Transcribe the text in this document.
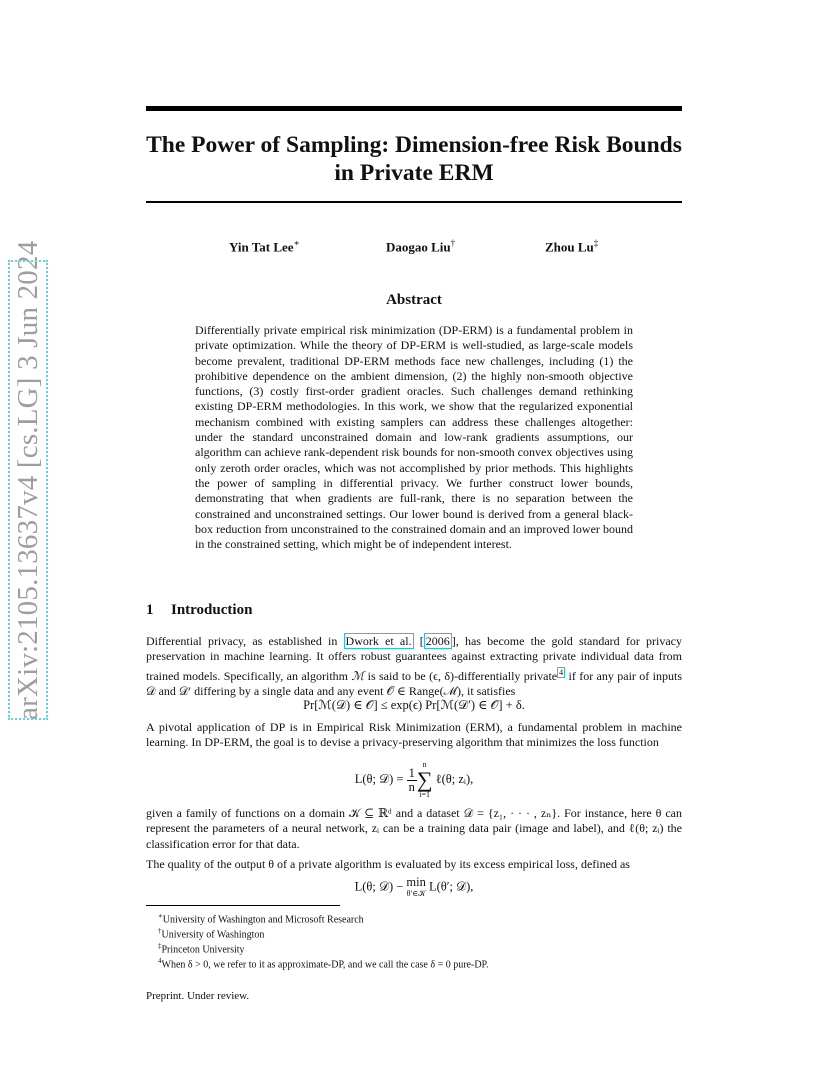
arXiv:2105.13637v4 [cs.LG] 3 Jun 2024
The Power of Sampling: Dimension-free Risk Bounds
in Private ERM
Yin Tat Lee∗	Daogao Liu†	Zhou Lu‡
Abstract
Differentially private empirical risk minimization (DP-ERM) is a fundamental problem in private optimization. While the theory of DP-ERM is well-studied, as large-scale models become prevalent, traditional DP-ERM methods face new challenges, including (1) the prohibitive dependence on the ambient dimension, (2) the highly non-smooth objective functions, (3) costly first-order gradient oracles. Such challenges demand rethinking existing DP-ERM methodologies. In this work, we show that the regularized exponential mechanism combined with existing samplers can address these challenges altogether: under the standard unconstrained domain and low-rank gradients assumptions, our algorithm can achieve rank-dependent risk bounds for non-smooth convex objectives using only zeroth order oracles, which was not accomplished by prior methods. This highlights the power of sampling in differential privacy. We further construct lower bounds, demonstrating that when gradients are full-rank, there is no separation between the constrained and unconstrained settings. Our lower bound is derived from a general black-box reduction from unconstrained to the constrained domain and an improved lower bound in the constrained setting, which might be of independent interest.
1 Introduction
Differential privacy, as established in Dwork et al. [ 2006 ], has become the gold standard for privacy preservation in machine learning. It offers robust guarantees against extracting private individual data from trained models. Specifically, an algorithm ℳ is said to be (ϵ, δ)-differentially private $^4$ if for any pair of inputs 𝒟 and 𝒟′ differing by a single data and any event 𝒪 ∈ Range(ℳ), it satisfies
Pr[ℳ(𝒟) ∈ 𝒪] ≤ exp(ϵ) Pr[ℳ(𝒟′) ∈ 𝒪] + δ.
A pivotal application of DP is in Empirical Risk Minimization (ERM), a fundamental problem in machine learning. In DP-ERM, the goal is to devise a privacy-preserving algorithm that minimizes the loss function
L(θ; 𝒟) = $\frac{1}{n}$
n
∑
i=1
ℓ(θ; zᵢ),
given a family of functions on a domain 𝒦 ⊆ ℝᵈ and a dataset 𝒟 = {z₁, · · · , zₙ}. For instance, here θ can represent the parameters of a neural network, zᵢ can be a training data pair (image and label), and ℓ(θ; zᵢ) the classification error for that data.
The quality of the output θ of a private algorithm is evaluated by its excess empirical loss, defined as
L(θ; 𝒟) − min
θ′∈𝒦
L(θ′; 𝒟),
∗University of Washington and Microsoft Research
†University of Washington
‡Princeton University
$^4$When δ > 0, we refer to it as approximate-DP, and we call the case δ = 0 pure-DP.
Preprint. Under review.
